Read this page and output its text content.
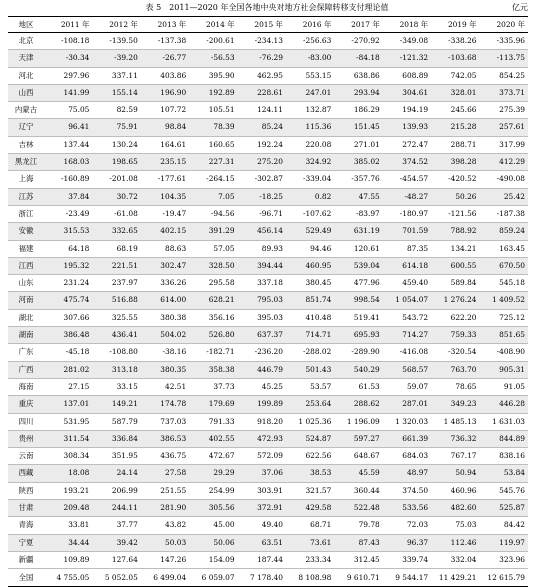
表 5　2011—2020 年全国各地中央对地方社会保障转移支付理论值	亿元
地区	2011 年	2012 年	2013 年	2014 年	2015 年	2016 年	2017 年	2018 年	2019 年	2020 年
北京	-108.18	-139.50	-137.38	-200.61	-234.13	-256.63	-270.92	-349.08	-338.26	-335.96
天津	-30.34	-39.20	-26.77	-56.53	-76.29	-83.00	-84.18	-121.32	-103.68	-113.75
河北	297.96	337.11	403.86	395.90	462.95	553.15	638.86	608.89	742.05	854.25
山西	141.99	155.14	196.90	192.89	228.61	247.01	293.94	304.61	328.01	373.71
内蒙古	75.05	82.59	107.72	105.51	124.11	132.87	186.29	194.19	245.66	275.39
辽宁	96.41	75.91	98.84	78.39	85.24	115.36	151.45	139.93	215.28	257.61
吉林	137.44	130.24	164.61	160.65	192.24	220.08	271.01	272.47	288.71	317.99
黑龙江	168.03	198.65	235.15	227.31	275.20	324.92	385.02	374.52	398.28	412.29
上海	-160.89	-201.08	-177.61	-264.15	-302.87	-339.04	-357.76	-454.57	-420.52	-490.08
江苏	37.84	30.72	104.35	7.05	-18.25	0.82	47.55	-48.27	50.26	25.42
浙江	-23.49	-61.08	-19.47	-94.56	-96.71	-107.62	-83.97	-180.97	-121.56	-187.38
安徽	315.53	332.65	402.15	391.29	456.14	529.49	631.19	701.59	788.92	859.24
福建	64.18	68.19	88.63	57.05	89.93	94.46	120.61	87.35	134.21	163.45
江西	195.32	221.51	302.47	328.50	394.44	460.95	539.04	614.18	600.55	670.50
山东	231.24	237.97	336.26	295.58	337.18	380.45	477.96	459.40	589.84	545.18
河南	475.74	516.88	614.00	628.21	795.03	851.74	998.54	1 054.07	1 276.24	1 409.52
湖北	307.66	325.55	380.38	356.16	395.03	410.48	519.41	543.72	622.20	725.12
湖南	386.48	436.41	504.02	526.80	637.37	714.71	695.93	714.27	759.33	851.65
广东	-45.18	-108.80	-38.16	-182.71	-236.20	-288.02	-289.90	-416.08	-320.54	-408.90
广西	281.02	313.18	380.35	358.38	446.79	501.43	540.29	568.57	763.70	905.31
海南	27.15	33.15	42.51	37.73	45.25	53.57	61.53	59.07	78.65	91.05
重庆	137.01	149.21	174.78	179.69	199.89	253.64	288.62	287.01	349.23	446.28
四川	531.95	587.79	737.03	791.33	918.20	1 025.36	1 196.09	1 320.03	1 485.13	1 631.03
贵州	311.54	336.84	386.53	402.55	472.93	524.87	597.27	661.39	736.32	844.89
云南	308.34	351.95	436.75	472.67	572.09	622.56	648.67	684.03	767.17	838.16
西藏	18.08	24.14	27.58	29.29	37.06	38.53	45.59	48.97	50.94	53.84
陕西	193.21	206.99	251.55	254.99	303.91	321.57	360.44	374.50	460.96	545.76
甘肃	209.48	244.11	281.90	305.56	372.91	429.58	522.48	533.56	482.60	525.87
青海	33.81	37.77	43.82	45.00	49.40	68.71	79.78	72.03	75.03	84.42
宁夏	34.44	39.42	50.03	50.06	63.51	73.61	87.43	96.37	112.46	119.97
新疆	109.89	127.64	147.26	154.09	187.44	233.34	312.45	339.74	332.04	323.96
全国	4 755.05	5 052.05	6 499.04	6 059.07	7 178.40	8 108.98	9 610.71	9 544.17	11 429.21	12 615.79
